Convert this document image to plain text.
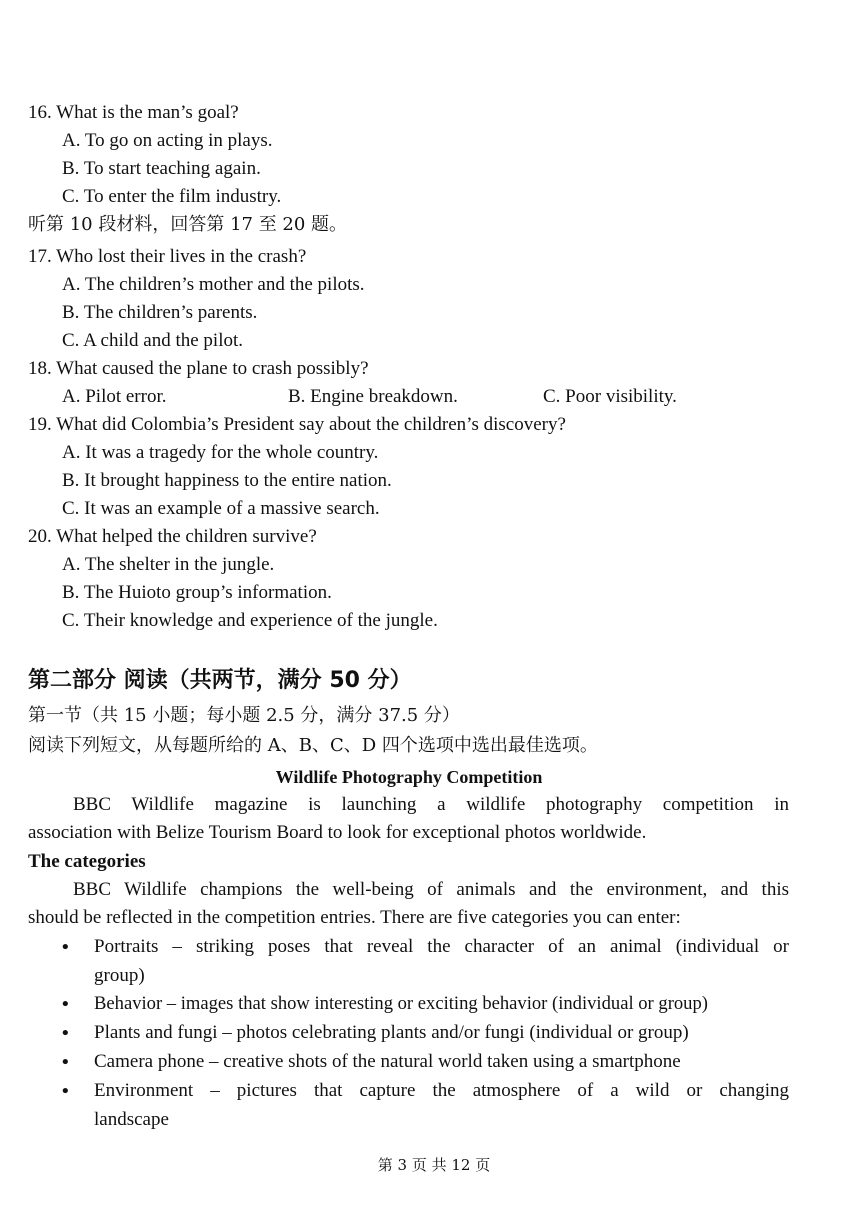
16. What is the man’s goal?
A. To go on acting in plays.
B. To start teaching again.
C. To enter the film industry.
听第 10 段材料，回答第 17 至 20 题。
17. Who lost their lives in the crash?
A. The children’s mother and the pilots.
B. The children’s parents.
C. A child and the pilot.
18. What caused the plane to crash possibly?
A. Pilot error.	B. Engine breakdown.	C. Poor visibility.
19. What did Colombia’s President say about the children’s discovery?
A. It was a tragedy for the whole country.
B. It brought happiness to the entire nation.
C. It was an example of a massive search.
20. What helped the children survive?
A. The shelter in the jungle.
B. The Huioto group’s information.
C. Their knowledge and experience of the jungle.
第二部分 阅读（共两节，满分 50 分）
第一节（共 15 小题；每小题 2.5 分，满分 37.5 分）
阅读下列短文，从每题所给的 A、B、C、D 四个选项中选出最佳选项。
Wildlife Photography Competition
BBC Wildlife magazine is launching a wildlife photography competition in
association with Belize Tourism Board to look for exceptional photos worldwide.
The categories
BBC Wildlife champions the well-being of animals and the environment, and this
should be reflected in the competition entries. There are five categories you can enter:
• Portraits – striking poses that reveal the character of an animal (individual or
group)
• Behavior – images that show interesting or exciting behavior (individual or group)
• Plants and fungi – photos celebrating plants and/or fungi (individual or group)
• Camera phone – creative shots of the natural world taken using a smartphone
• Environment – pictures that capture the atmosphere of a wild or changing
landscape
第 3 页 共 12 页
